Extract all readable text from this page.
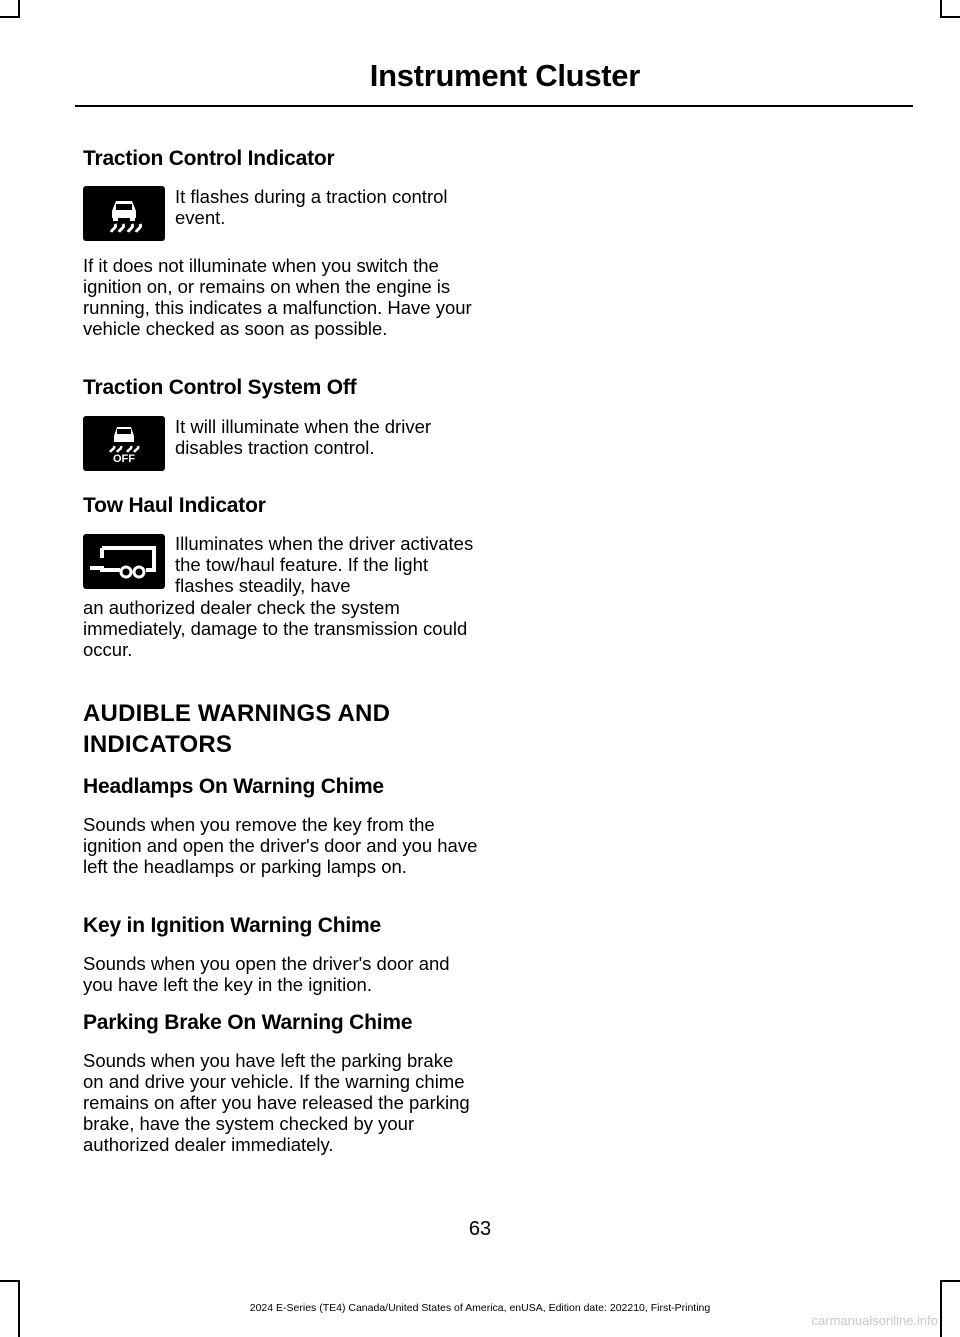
Instrument Cluster
Traction Control Indicator
It flashes during a traction control event.

If it does not illuminate when you switch the ignition on, or remains on when the engine is running, this indicates a malfunction. Have your vehicle checked as soon as possible.

Traction Control System Off
OFF
It will illuminate when the driver disables traction control.
Tow Haul Indicator
Illuminates when the driver activates the tow/haul feature. If the light flashes steadily, have

an authorized dealer check the system immediately, damage to the transmission could occur.

AUDIBLE WARNINGS AND INDICATORS
Headlamps On Warning Chime

Sounds when you remove the key from the ignition and open the driver's door and you have left the headlamps or parking lamps on.

Key in Ignition Warning Chime

Sounds when you open the driver's door and you have left the key in the ignition.

Parking Brake On Warning Chime

Sounds when you have left the parking brake on and drive your vehicle. If the warning chime remains on after you have released the parking brake, have the system checked by your authorized dealer immediately.

63
2024 E-Series (TE4) Canada/United States of America, enUSA, Edition date: 202210, First-Printing
carmanualsonline.info
